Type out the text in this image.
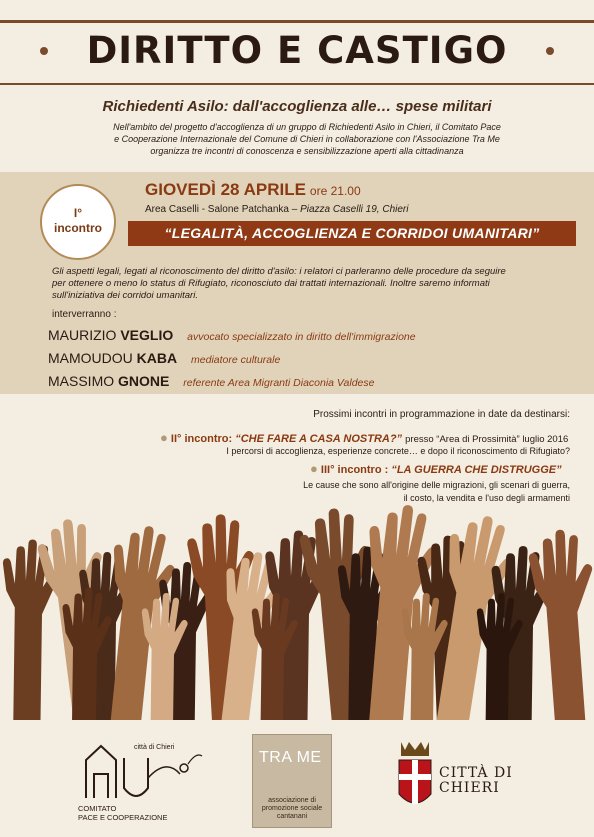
DIRITTO E CASTIGO
Richiedenti Asilo: dall'accoglienza alle… spese militari
Nell'ambito del progetto d'accoglienza di un gruppo di Richiedenti Asilo in Chieri, il Comitato Pace
e Cooperazione Internazionale del Comune di Chieri in collaborazione con l'Associazione Tra Me
organizza tre incontri di conoscenza e sensibilizzazione aperti alla cittadinanza
I°
incontro
GIOVEDÌ 28 APRILE ore 21.00
Area Caselli - Salone Patchanka – Piazza Caselli 19, Chieri
“LEGALITÀ, ACCOGLIENZA E CORRIDOI UMANITARI”
Gli aspetti legali, legati al riconoscimento del diritto d'asilo: i relatori ci parleranno delle procedure da seguire
per ottenere o meno lo status di Rifugiato, riconosciuto dai trattati internazionali. Inoltre saremo informati
sull'iniziativa dei corridoi umanitari.
interverranno :
MAURIZIO VEGLIO avvocato specializzato in diritto dell'immigrazione
MAMOUDOU KABA mediatore culturale
MASSIMO GNONE referente Area Migranti Diaconia Valdese
Prossimi incontri in programmazione in date da destinarsi:
● II° incontro: “CHE FARE A CASA NOSTRA?” presso “Area di Prossimità” luglio 2016
I percorsi di accoglienza, esperienze concrete… e dopo il riconoscimento di Rifugiato?
● III° incontro : “LA GUERRA CHE DISTRUGGE”
Le cause che sono all'origine delle migrazioni, gli scenari di guerra,
il costo, la vendita e l'uso degli armamenti
città di Chieri
COMITATO
PACE E COOPERAZIONE
TRA ME
associazione di
promozione sociale
cantanani
CITTÀ DI
CHIERI
